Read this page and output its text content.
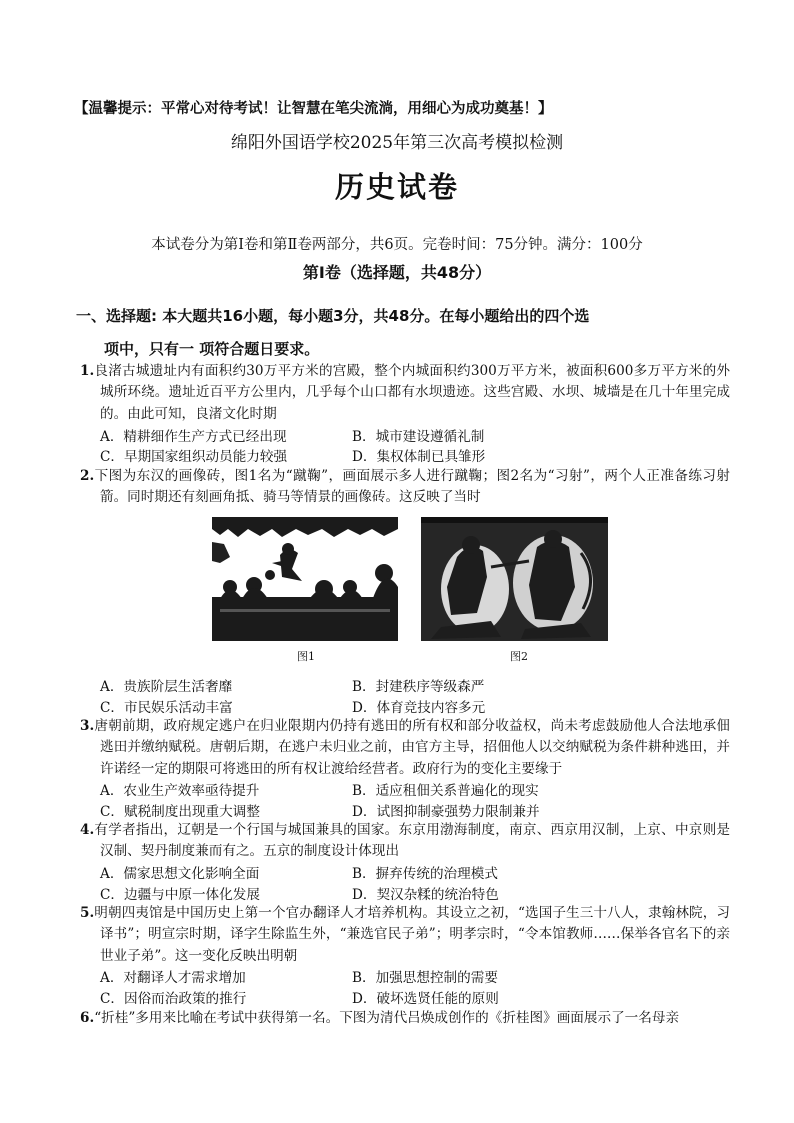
【温馨提示：平常心对待考试！让智慧在笔尖流淌，用细心为成功奠基！】
绵阳外国语学校2025年第三次高考模拟检测
历史试卷
本试卷分为第Ⅰ卷和第Ⅱ卷两部分，共6页。完卷时间：75分钟。满分：100分
第Ⅰ卷（选择题，共48分）
一、选择题: 本大题共16小题，每小题3分，共48分。在每小题给出的四个选
项中，只有一 项符合题日要求。
1.良渚古城遗址内有面积约30万平方米的宫殿，整个内城面积约300万平方米，被面积600多万平方米的外城所环绕。遗址近百平方公里内，几乎每个山口都有水坝遗迹。这些宫殿、水坝、城墙是在几十年里完成的。由此可知，良渚文化时期
A．精耕细作生产方式已经出现	B．城市建设遵循礼制
C．早期国家组织动员能力较强	D．集权体制已具雏形
2.下图为东汉的画像砖，图1名为“蹴鞠”，画面展示多人进行蹴鞠；图2名为“习射”，两个人正准备练习射箭。同时期还有刻画角抵、骑马等情景的画像砖。这反映了当时
图1	图2
A．贵族阶层生活奢靡	B．封建秩序等级森严
C．市民娱乐活动丰富	D．体育竞技内容多元
3.唐朝前期，政府规定逃户在归业限期内仍持有逃田的所有权和部分收益权，尚未考虑鼓励他人合法地承佃逃田并缴纳赋税。唐朝后期，在逃户未归业之前，由官方主导，招佃他人以交纳赋税为条件耕种逃田，并许诺经一定的期限可将逃田的所有权让渡给经营者。政府行为的变化主要缘于
A．农业生产效率亟待提升	B．适应租佃关系普遍化的现实
C．赋税制度出现重大调整	D．试图抑制豪强势力限制兼并
4.有学者指出，辽朝是一个行国与城国兼具的国家。东京用渤海制度，南京、西京用汉制，上京、中京则是汉制、契丹制度兼而有之。五京的制度设计体现出
A．儒家思想文化影响全面	B．摒弃传统的治理模式
C．边疆与中原一体化发展	D．契汉杂糅的统治特色
5.明朝四夷馆是中国历史上第一个官办翻译人才培养机构。其设立之初，“选国子生三十八人，隶翰林院，习译书”；明宣宗时期，译字生除监生外，“兼选官民子弟”；明孝宗时，“令本馆教师……保举各官名下的亲世业子弟”。这一变化反映出明朝
A．对翻译人才需求增加	B．加强思想控制的需要
C．因俗而治政策的推行	D．破坏选贤任能的原则
6.“折桂”多用来比喻在考试中获得第一名。下图为清代吕焕成创作的《折桂图》画面展示了一名母亲
